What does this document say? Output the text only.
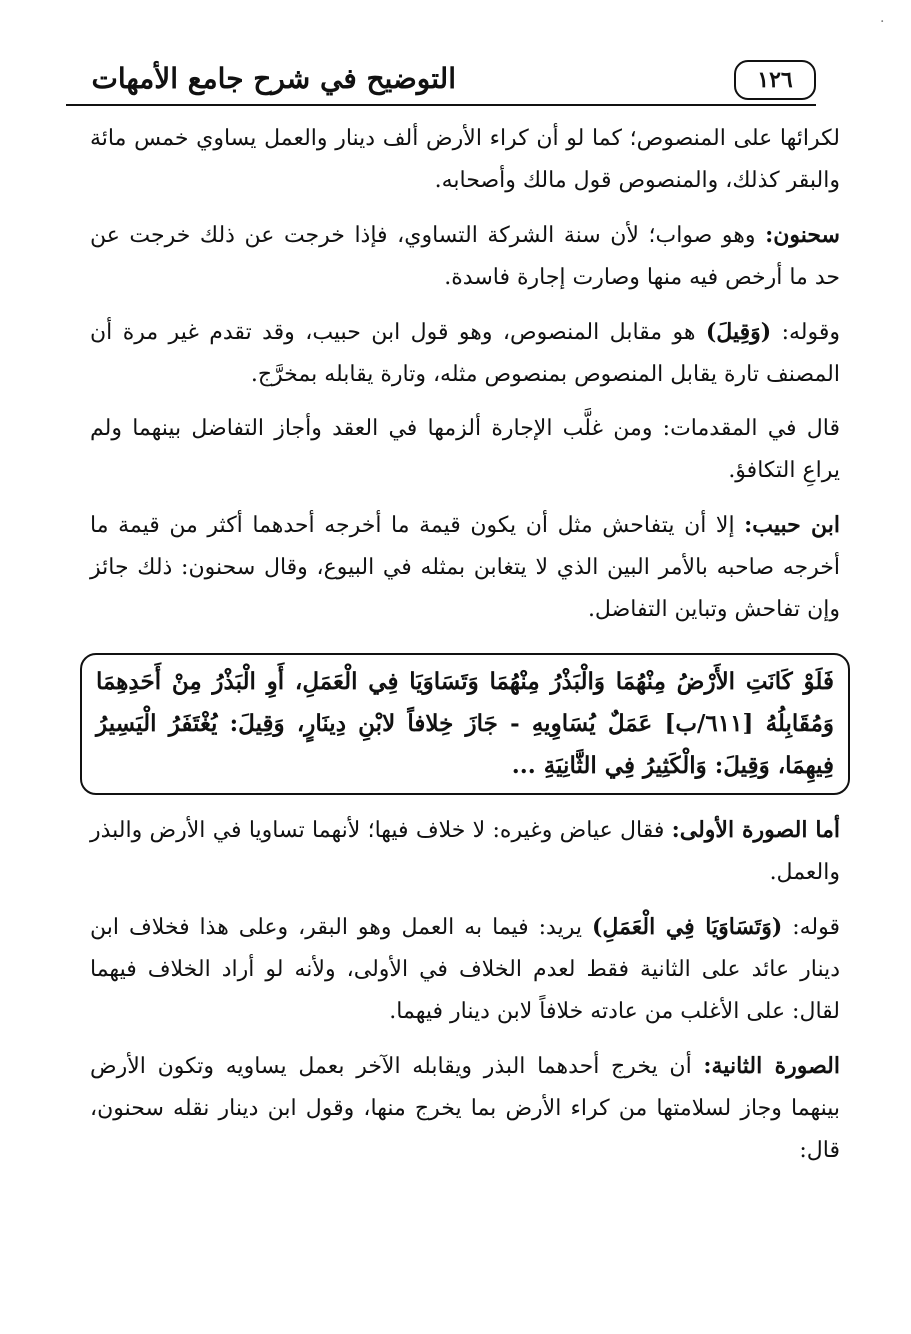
·
التوضيح في شرح جامع الأمهات	١٢٦

لكرائها على المنصوص؛ كما لو أن كراء الأرض ألف دينار والعمل يساوي خمس مائة والبقر كذلك، والمنصوص قول مالك وأصحابه.

سحنون: وهو صواب؛ لأن سنة الشركة التساوي، فإذا خرجت عن ذلك خرجت عن حد ما أرخص فيه منها وصارت إجارة فاسدة.

وقوله: (وَقِيلَ) هو مقابل المنصوص، وهو قول ابن حبيب، وقد تقدم غير مرة أن المصنف تارة يقابل المنصوص بمنصوص مثله، وتارة يقابله بمخرَّج.

قال في المقدمات: ومن غلَّب الإجارة ألزمها في العقد وأجاز التفاضل بينهما ولم يراعِ التكافؤ.

ابن حبيب: إلا أن يتفاحش مثل أن يكون قيمة ما أخرجه أحدهما أكثر من قيمة ما أخرجه صاحبه بالأمر البين الذي لا يتغابن بمثله في البيوع، وقال سحنون: ذلك جائز وإن تفاحش وتباين التفاضل.

فَلَوْ كَانَتِ الأَرْضُ مِنْهُمَا وَالْبَذْرُ مِنْهُمَا وَتَسَاوَيَا فِي الْعَمَلِ، أَوِ الْبَذْرُ مِنْ أَحَدِهِمَا وَمُقَابِلُهُ [٦١١/ب] عَمَلٌ يُسَاوِيهِ - جَازَ خِلافاً لابْنِ دِينَارٍ، وَقِيلَ: يُغْتَفَرُ الْيَسِيرُ فِيهِمَا، وَقِيلَ: وَالْكَثِيرُ فِي الثَّانِيَةِ ...

أما الصورة الأولى: فقال عياض وغيره: لا خلاف فيها؛ لأنهما تساويا في الأرض والبذر والعمل.

قوله: (وَتَسَاوَيَا فِي الْعَمَلِ) يريد: فيما به العمل وهو البقر، وعلى هذا فخلاف ابن دينار عائد على الثانية فقط لعدم الخلاف في الأولى، ولأنه لو أراد الخلاف فيهما لقال: على الأغلب من عادته خلافاً لابن دينار فيهما.

الصورة الثانية: أن يخرج أحدهما البذر ويقابله الآخر بعمل يساويه وتكون الأرض بينهما وجاز لسلامتها من كراء الأرض بما يخرج منها، وقول ابن دينار نقله سحنون، قال:
